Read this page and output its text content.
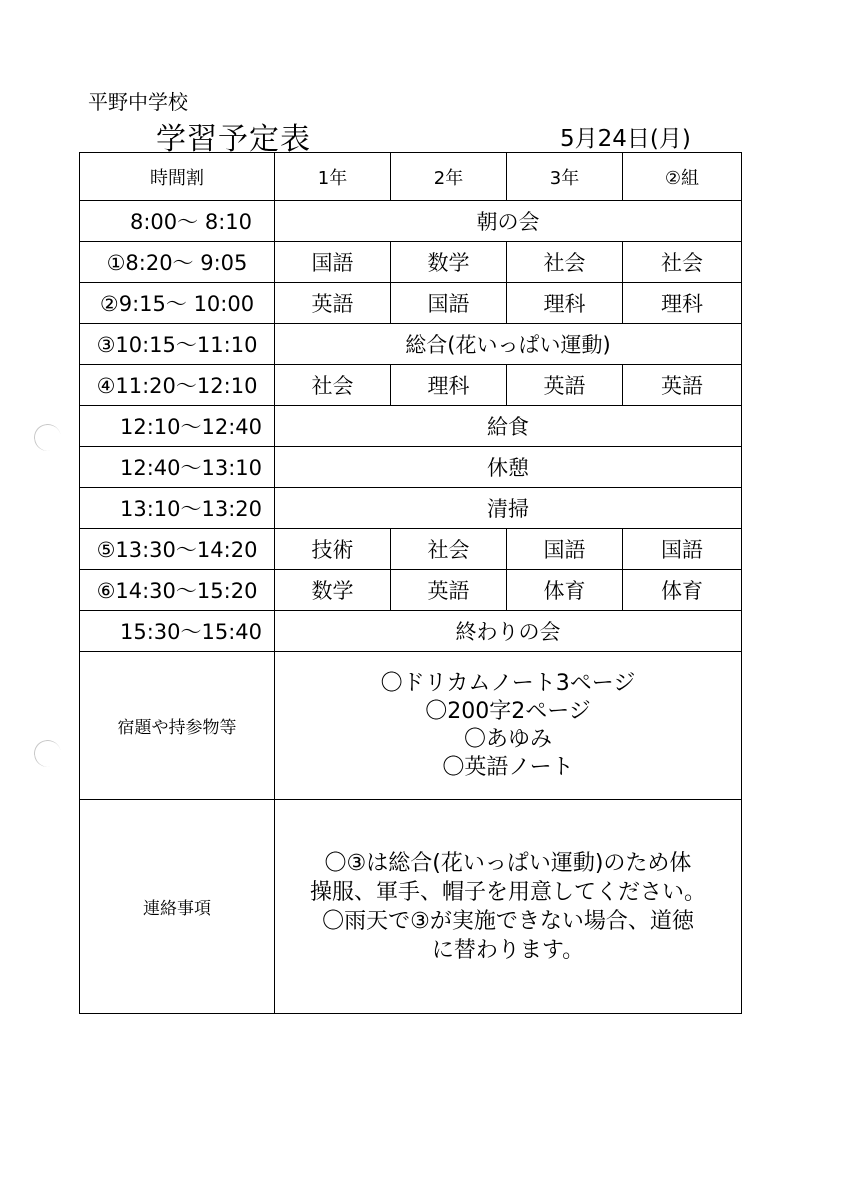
平野中学校
学習予定表	5月24日(月)
時間割	1年	2年	3年	②組
8:00～ 8:10	朝の会			
①8:20～ 9:05	国語	数学	社会	社会
②9:15～ 10:00	英語	国語	理科	理科
③10:15～11:10	総合(花いっぱい運動)			
④11:20～12:10	社会	理科	英語	英語
12:10～12:40	給食			
12:40～13:10	休憩			
13:10～13:20	清掃			
⑤13:30～14:20	技術	社会	国語	国語
⑥14:30～15:20	数学	英語	体育	体育
15:30～15:40	終わりの会			
宿題や持参物等	〇ドリカムノート3ページ
〇200字2ページ
〇あゆみ
〇英語ノート			

連絡事項	〇③は総合(花いっぱい運動)のため体
操服、軍手、帽子を用意してください。
〇雨天で③が実施できない場合、道徳
に替わります。			
